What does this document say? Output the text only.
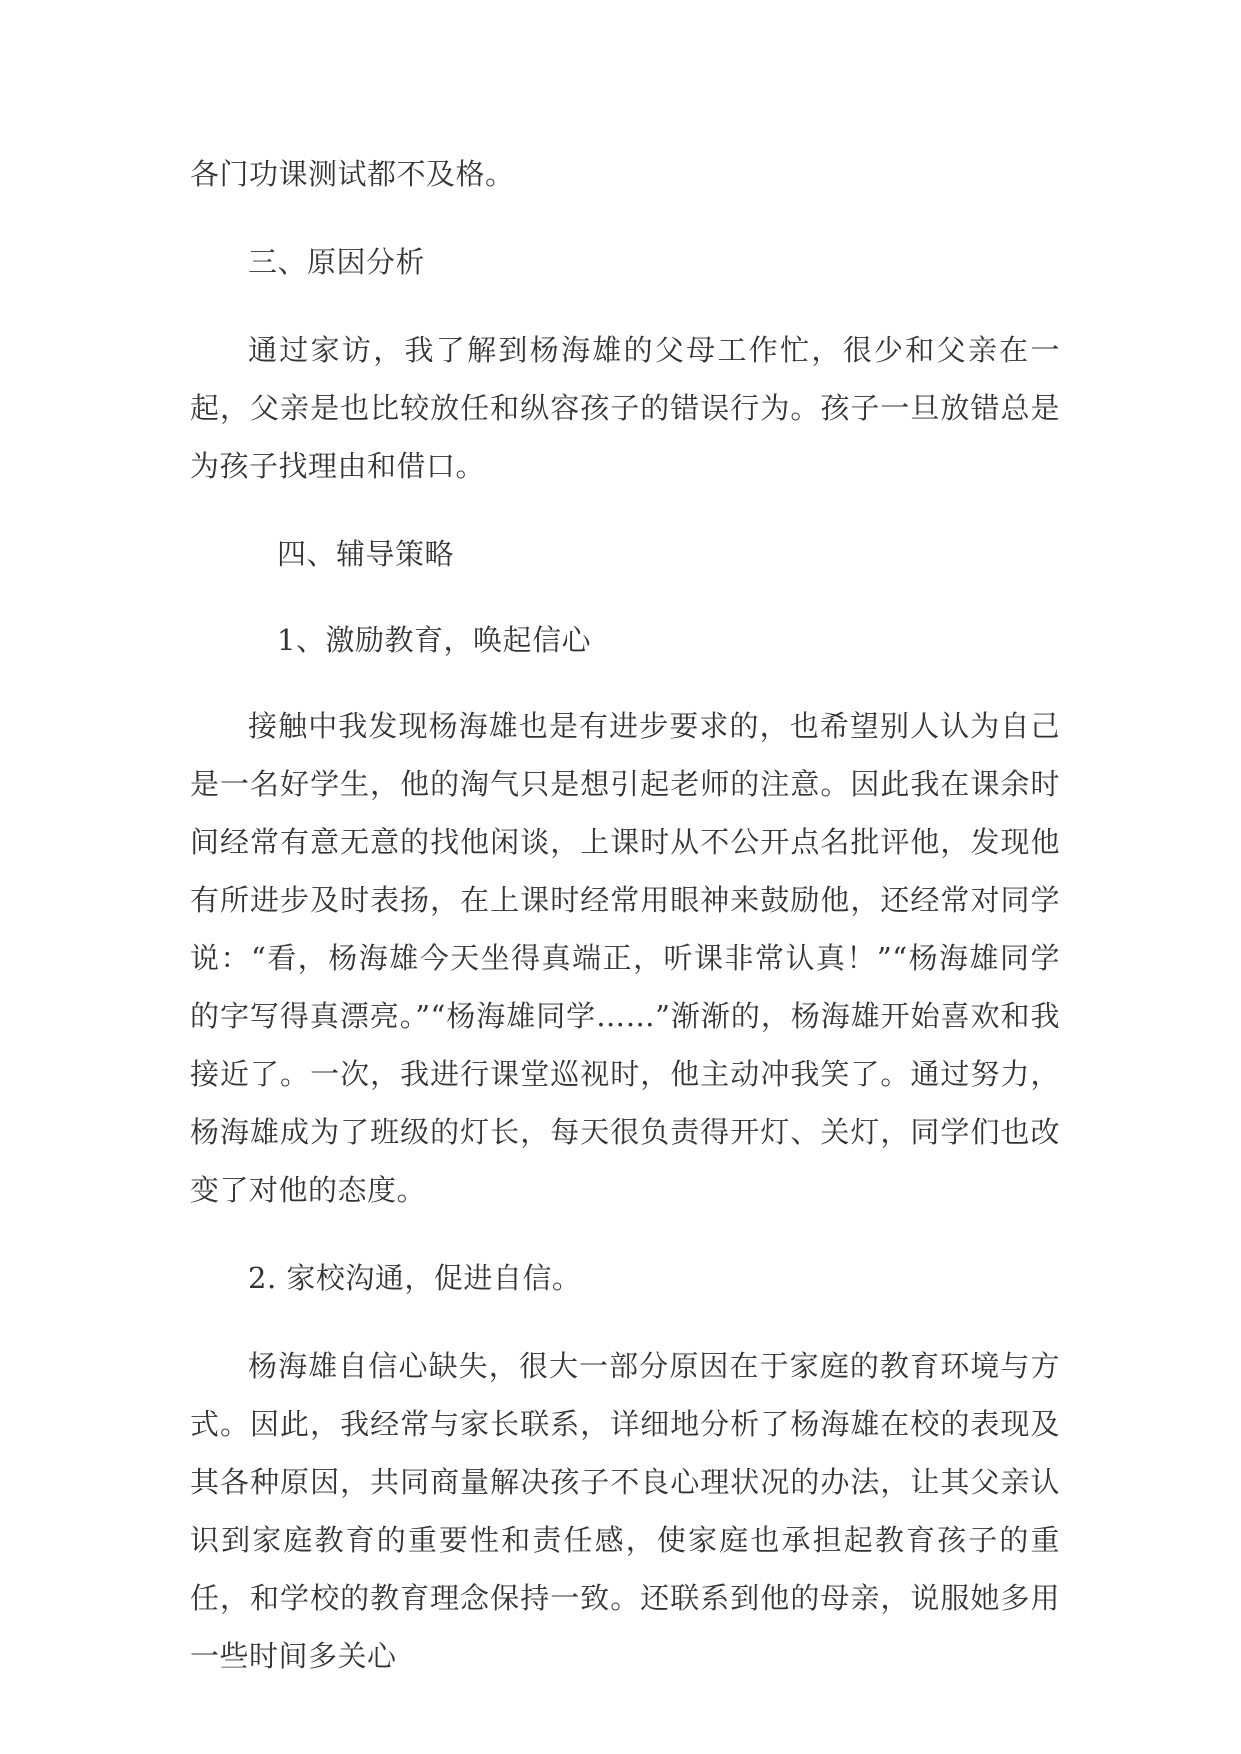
各门功课测试都不及格。

三、原因分析

通过家访，我了解到杨海雄的父母工作忙，很少和父亲在一起，父亲是也比较放任和纵容孩子的错误行为。孩子一旦放错总是为孩子找理由和借口。

四、辅导策略

1、激励教育，唤起信心

接触中我发现杨海雄也是有进步要求的，也希望别人认为自己是一名好学生，他的淘气只是想引起老师的注意。因此我在课余时间经常有意无意的找他闲谈，上课时从不公开点名批评他，发现他有所进步及时表扬，在上课时经常用眼神来鼓励他，还经常对同学说：“看，杨海雄今天坐得真端正，听课非常认真！”“杨海雄同学的字写得真漂亮。”“杨海雄同学……”渐渐的，杨海雄开始喜欢和我接近了。一次，我进行课堂巡视时，他主动冲我笑了。通过努力，杨海雄成为了班级的灯长，每天很负责得开灯、关灯，同学们也改变了对他的态度。

2. 家校沟通，促进自信。

杨海雄自信心缺失，很大一部分原因在于家庭的教育环境与方式。因此，我经常与家长联系，详细地分析了杨海雄在校的表现及其各种原因，共同商量解决孩子不良心理状况的办法，让其父亲认识到家庭教育的重要性和责任感，使家庭也承担起教育孩子的重任，和学校的教育理念保持一致。还联系到他的母亲，说服她多用一些时间多关心
